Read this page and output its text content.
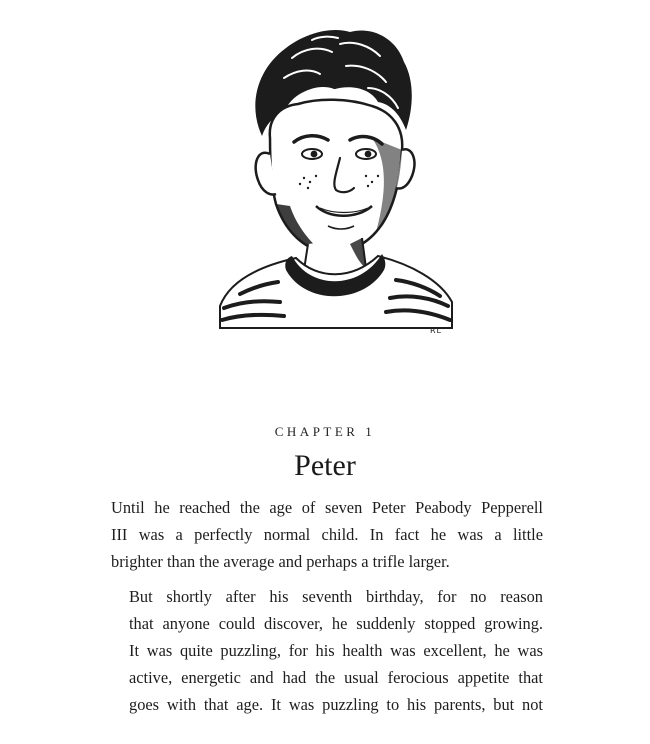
RL
CHAPTER 1
Peter

Until he reached the age of seven Peter Peabody Pepperell
III was a perfectly normal child. In fact he was a little
brighter than the average and perhaps a trifle larger.

But shortly after his seventh birthday, for no reason
that anyone could discover, he suddenly stopped growing.
It was quite puzzling, for his health was excellent, he was
active, energetic and had the usual ferocious appetite that
goes with that age. It was puzzling to his parents, but not
